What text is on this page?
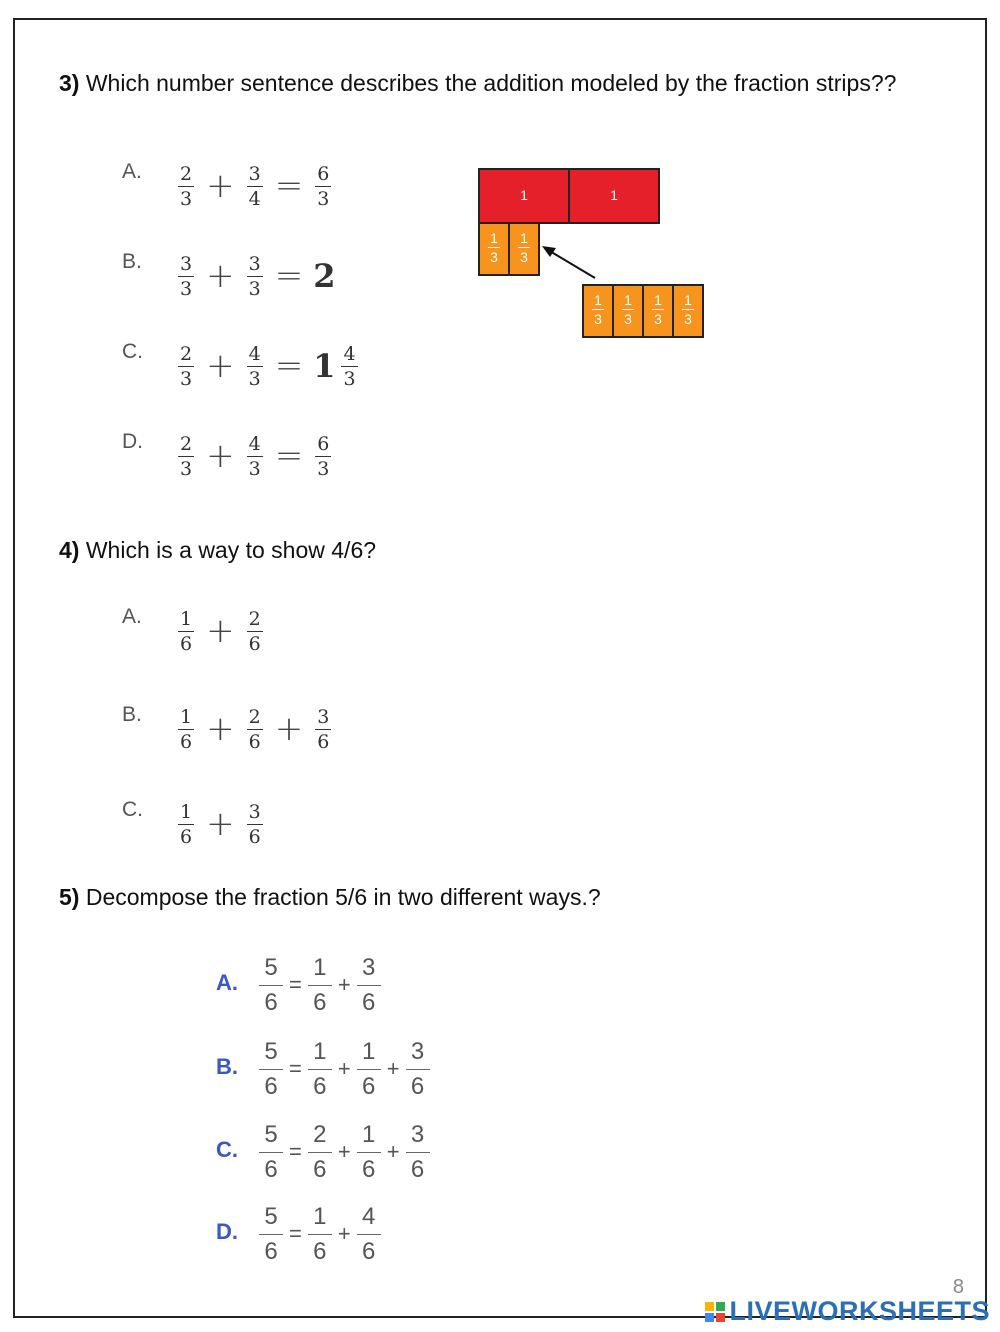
3) Which number sentence describes the addition modeled by the fraction strips??
A. $\frac{2}{3} + \frac{3}{4} = \frac{6}{3}$
B. $\frac{3}{3} + \frac{3}{3} = 2$
C. $\frac{2}{3} + \frac{4}{3} = 1 \frac{4}{3}$
D. $\frac{2}{3} + \frac{4}{3} = \frac{6}{3}$
1	1
1
3
1
3
1
3
1
3
1
3
1
3
4) Which is a way to show 4/6?
A. $\frac{1}{6} + \frac{2}{6}$
B. $\frac{1}{6} + \frac{2}{6} + \frac{3}{6}$
C. $\frac{1}{6} + \frac{3}{6}$
5) Decompose the fraction 5/6 in two different ways.?
A. $\frac{5}{6} = \frac{1}{6} + \frac{3}{6}$
B. $\frac{5}{6} = \frac{1}{6} + \frac{1}{6} + \frac{3}{6}$
C. $\frac{5}{6} = \frac{2}{6} + \frac{1}{6} + \frac{3}{6}$
D. $\frac{5}{6} = \frac{1}{6} + \frac{4}{6}$
8
LIVEWORKSHEETS
